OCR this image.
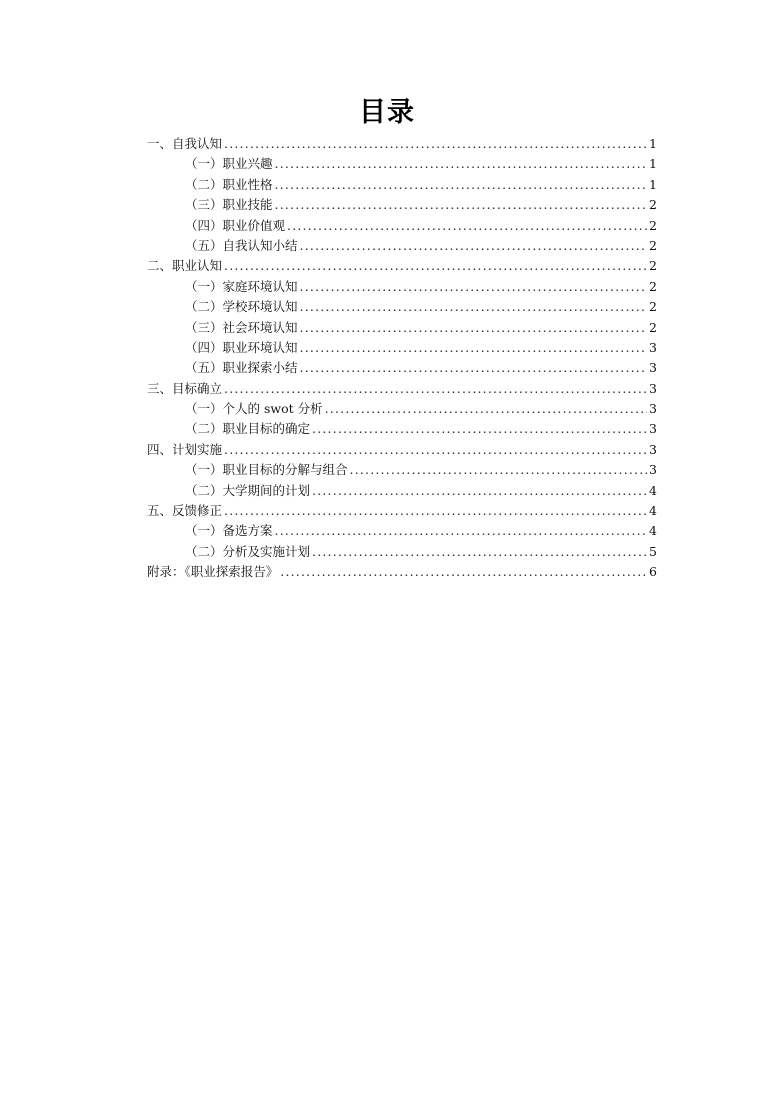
目录
一、自我认知 .....	1
（一）职业兴趣 .....	1
（二）职业性格 .....	1
（三）职业技能 .....	2
（四）职业价值观 .....	2
（五）自我认知小结 .....	2
二、职业认知 .....	2
（一）家庭环境认知 .....	2
（二）学校环境认知 .....	2
（三）社会环境认知 .....	2
（四）职业环境认知 .....	3
（五）职业探索小结 .....	3
三、目标确立 .....	3
（一）个人的 swot 分析 .....	3
（二）职业目标的确定 .....	3
四、计划实施 .....	3
（一）职业目标的分解与组合 .....	3
（二）大学期间的计划 .....	4
五、反馈修正 .....	4
（一）备选方案 .....	4
（二）分析及实施计划 .....	5
附录：《职业探索报告》 .....	6
